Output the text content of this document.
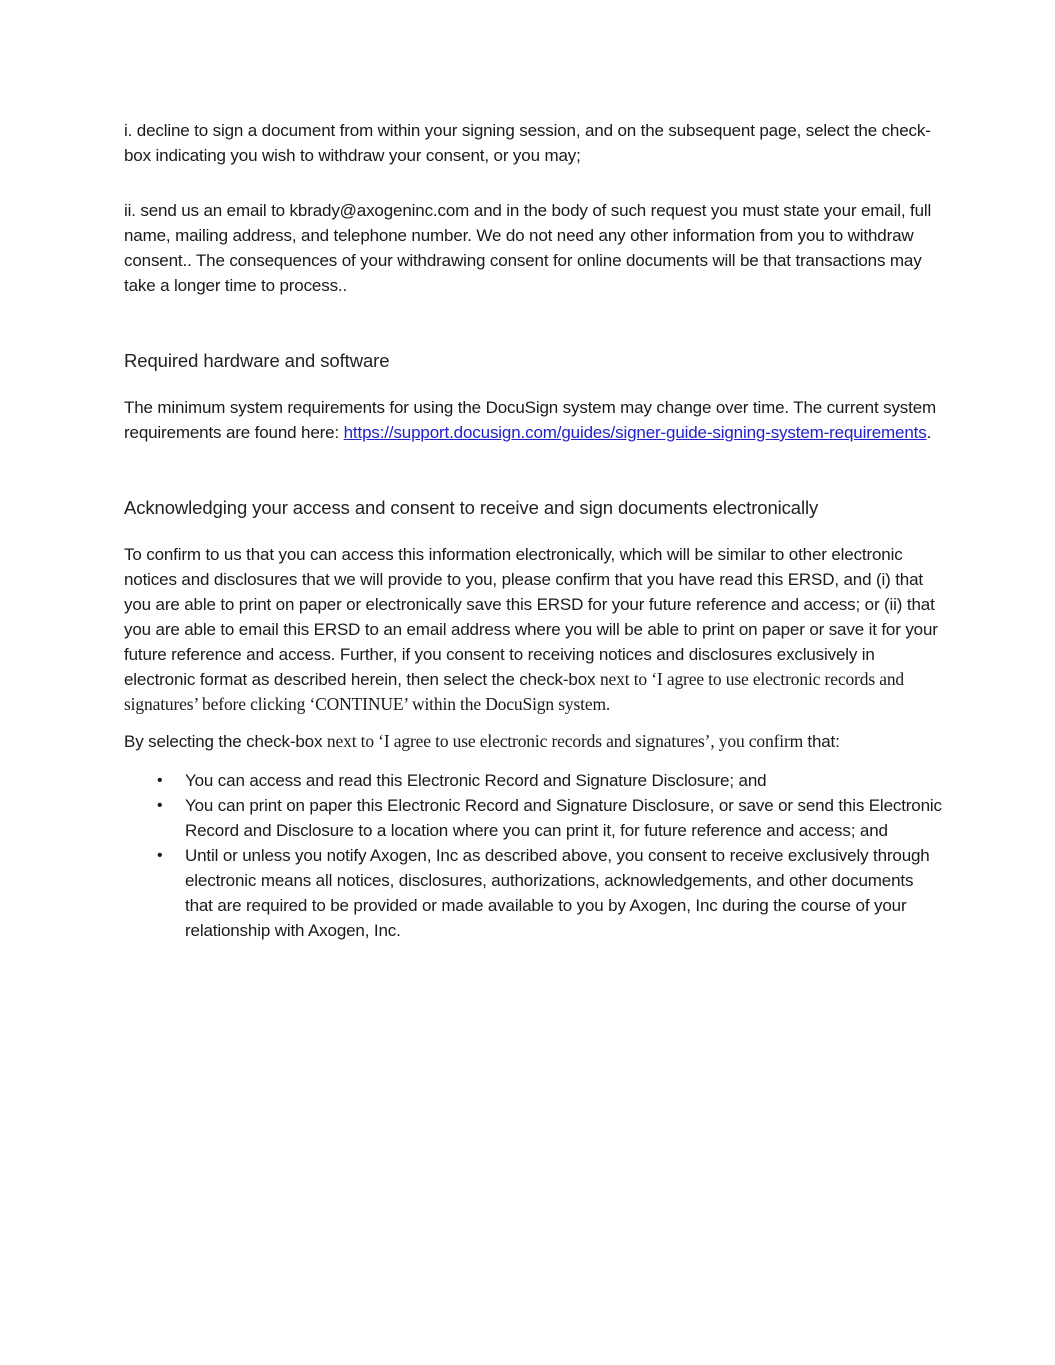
i. decline to sign a document from within your signing session, and on the subsequent page, select the check-box indicating you wish to withdraw your consent, or you may;

ii. send us an email to kbrady@axogeninc.com and in the body of such request you must state your email, full name, mailing address, and telephone number. We do not need any other information from you to withdraw consent.. The consequences of your withdrawing consent for online documents will be that transactions may take a longer time to process..

Required hardware and software

The minimum system requirements for using the DocuSign system may change over time. The current system requirements are found here: https://support.docusign.com/guides/signer-guide-signing-system-requirements.

Acknowledging your access and consent to receive and sign documents electronically

To confirm to us that you can access this information electronically, which will be similar to other electronic notices and disclosures that we will provide to you, please confirm that you have read this ERSD, and (i) that you are able to print on paper or electronically save this ERSD for your future reference and access; or (ii) that you are able to email this ERSD to an email address where you will be able to print on paper or save it for your future reference and access. Further, if you consent to receiving notices and disclosures exclusively in electronic format as described herein, then select the check-box next to ‘I agree to use electronic records and signatures’ before clicking ‘CONTINUE’ within the DocuSign system.

By selecting the check-box next to ‘I agree to use electronic records and signatures’, you confirm that:

• You can access and read this Electronic Record and Signature Disclosure; and
• You can print on paper this Electronic Record and Signature Disclosure, or save or send this Electronic Record and Disclosure to a location where you can print it, for future reference and access; and
• Until or unless you notify Axogen, Inc as described above, you consent to receive exclusively through electronic means all notices, disclosures, authorizations, acknowledgements, and other documents that are required to be provided or made available to you by Axogen, Inc during the course of your relationship with Axogen, Inc.
